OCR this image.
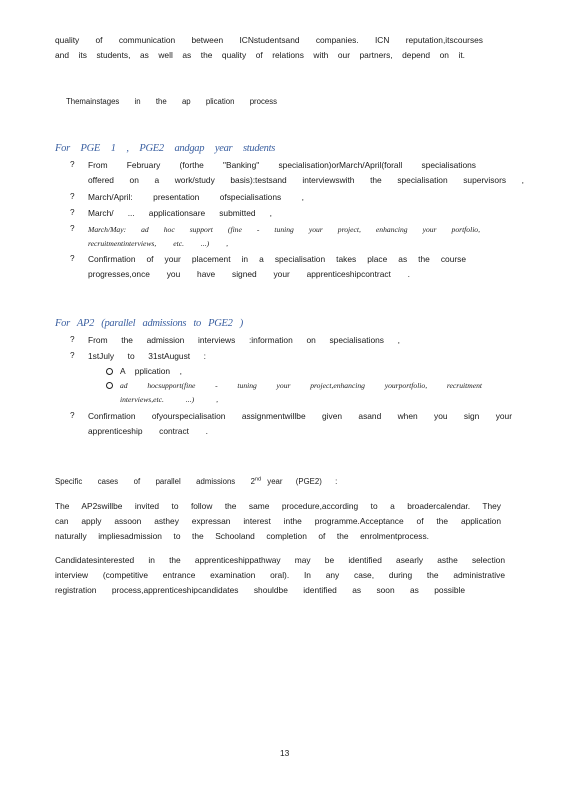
quality of communication between ICNstudentsand companies. ICN reputation,itscourses
and its students, as well as the quality of relations with our partners, depend on it.
Themainstages in the ap plication process
For PGE 1 , PGE2 andgap year students
? From February (forthe "Banking" specialisation)orMarch/April(forall specialisations
offered on a work/study basis):testsand interviewswith the specialisation supervisors ,
? March/April: presentation ofspecialisations ,
? March/ ... applicationsare submitted ,
? March/May: ad hoc support (fine - tuning your project, enhancing your portfolio,
recruitmentinterviews, etc. ...) ,
? Confirmation of your placement in a specialisation takes place as the course
progresses,once you have signed your apprenticeshipcontract .
For AP2 (parallel admissions to PGE2 )
? From the admission interviews :information on specialisations ,
? 1stJuly to 31stAugust :
A pplication ,
ad hocsupport(fine - tuning your project,enhancing yourportfolio, recruitment
interviews,etc. ...) ,
? Confirmation ofyourspecialisation assignmentwillbe given asand when you sign your
apprenticeship contract .
Specific cases of parallel admissions 2nd year (PGE2) :
The AP2swillbe invited to follow the same procedure,according to a broadercalendar. They
can apply assoon asthey expressan interest inthe programme.Acceptance of the application
naturally impliesadmission to the Schooland completion of the enrolmentprocess.
Candidatesinterested in the apprenticeshippathway may be identified asearly asthe selection
interview (competitive entrance examination oral). In any case, during the administrative
registration process,apprenticeshipcandidates shouldbe identified as soon as possible
13
